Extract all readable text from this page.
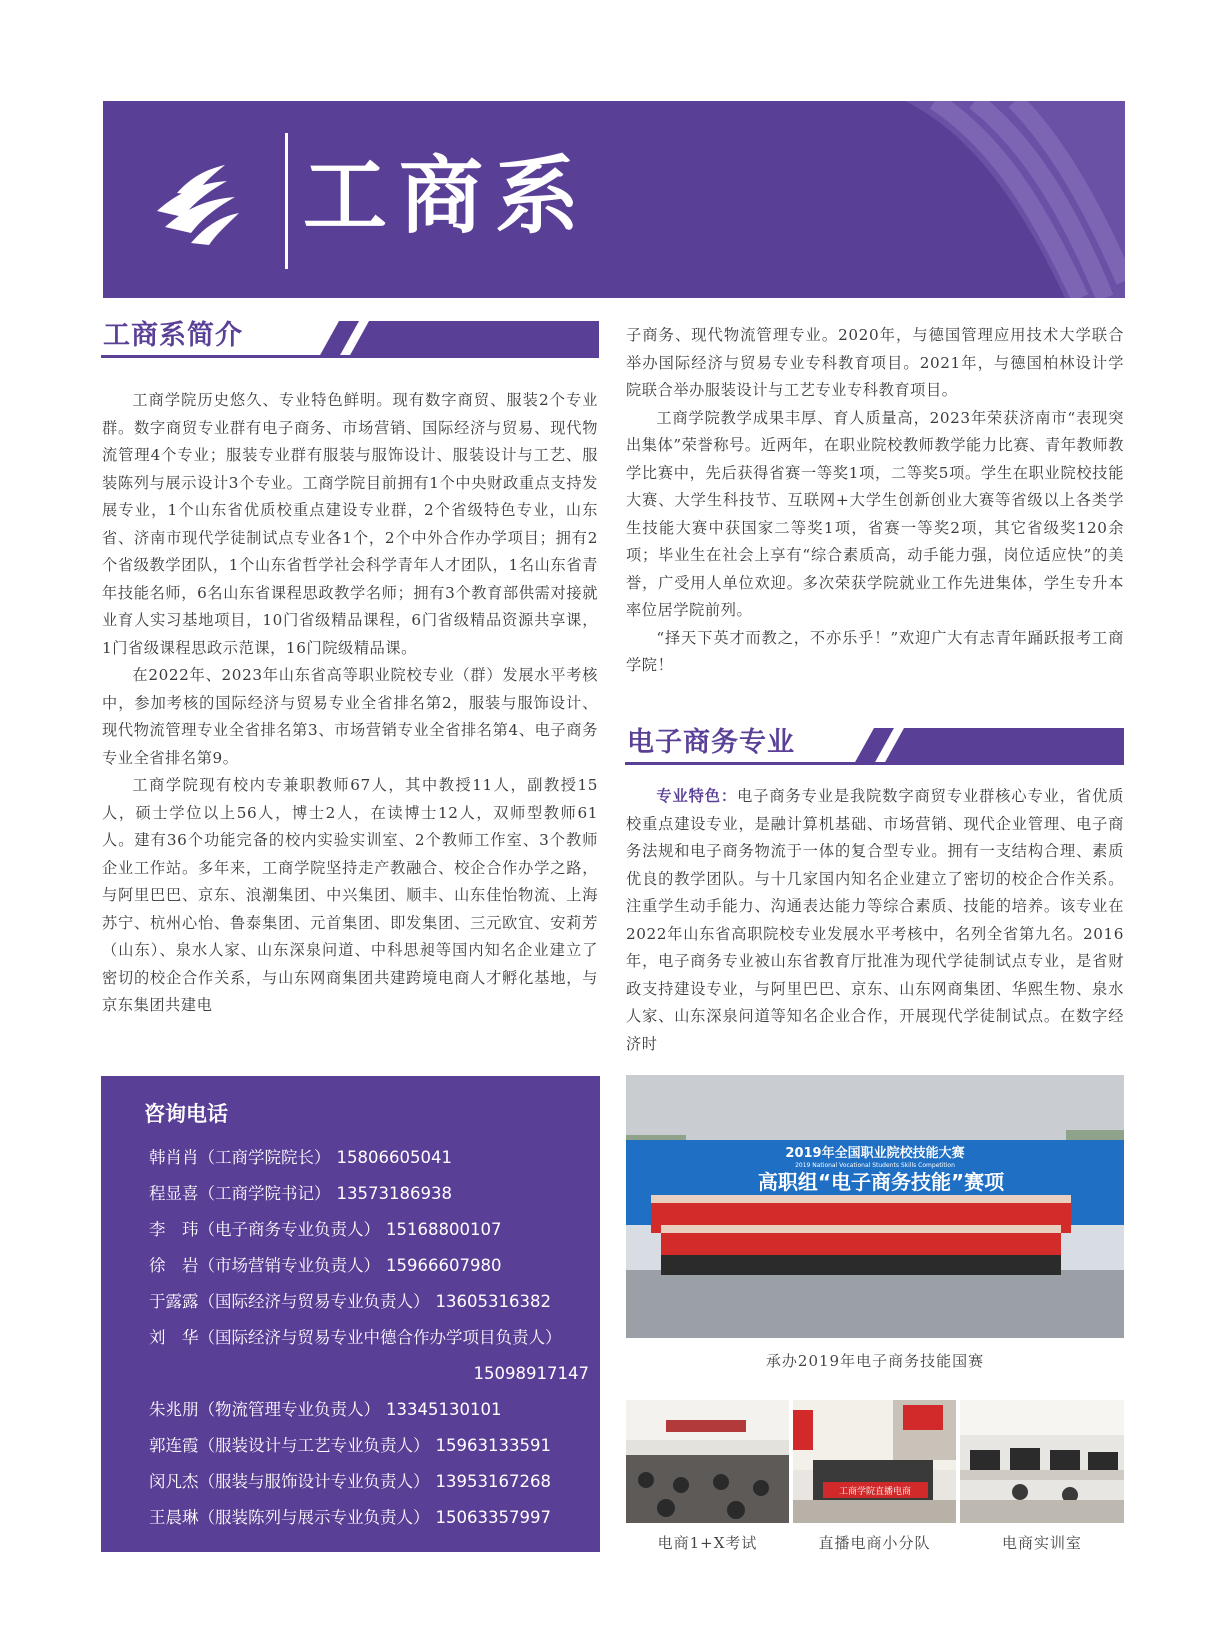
工商系
工商系简介

工商学院历史悠久、专业特色鲜明。现有数字商贸、服装2个专业群。数字商贸专业群有电子商务、市场营销、国际经济与贸易、现代物流管理4个专业；服装专业群有服装与服饰设计、服装设计与工艺、服装陈列与展示设计3个专业。工商学院目前拥有1个中央财政重点支持发展专业，1个山东省优质校重点建设专业群，2个省级特色专业，山东省、济南市现代学徒制试点专业各1个，2个中外合作办学项目；拥有2个省级教学团队，1个山东省哲学社会科学青年人才团队，1名山东省青年技能名师，6名山东省课程思政教学名师；拥有3个教育部供需对接就业育人实习基地项目，10门省级精品课程，6门省级精品资源共享课，1门省级课程思政示范课，16门院级精品课。

在2022年、2023年山东省高等职业院校专业（群）发展水平考核中，参加考核的国际经济与贸易专业全省排名第2，服装与服饰设计、现代物流管理专业全省排名第3、市场营销专业全省排名第4、电子商务专业全省排名第9。

工商学院现有校内专兼职教师67人，其中教授11人，副教授15人，硕士学位以上56人，博士2人，在读博士12人，双师型教师61人。建有36个功能完备的校内实验实训室、2个教师工作室、3个教师企业工作站。多年来，工商学院坚持走产教融合、校企合作办学之路，与阿里巴巴、京东、浪潮集团、中兴集团、顺丰、山东佳怡物流、上海苏宁、杭州心怡、鲁泰集团、元首集团、即发集团、三元欧宜、安莉芳（山东）、泉水人家、山东深泉问道、中科思昶等国内知名企业建立了密切的校企合作关系，与山东网商集团共建跨境电商人才孵化基地，与京东集团共建电

子商务、现代物流管理专业。2020年，与德国管理应用技术大学联合举办国际经济与贸易专业专科教育项目。2021年，与德国柏林设计学院联合举办服装设计与工艺专业专科教育项目。

工商学院教学成果丰厚、育人质量高，2023年荣获济南市“表现突出集体”荣誉称号。近两年，在职业院校教师教学能力比赛、青年教师教学比赛中，先后获得省赛一等奖1项，二等奖5项。学生在职业院校技能大赛、大学生科技节、互联网+大学生创新创业大赛等省级以上各类学生技能大赛中获国家二等奖1项，省赛一等奖2项，其它省级奖120余项；毕业生在社会上享有“综合素质高，动手能力强，岗位适应快”的美誉，广受用人单位欢迎。多次荣获学院就业工作先进集体，学生专升本率位居学院前列。

“择天下英才而教之，不亦乐乎！”欢迎广大有志青年踊跃报考工商学院！

电子商务专业

专业特色：电子商务专业是我院数字商贸专业群核心专业，省优质校重点建设专业，是融计算机基础、市场营销、现代企业管理、电子商务法规和电子商务物流于一体的复合型专业。拥有一支结构合理、素质优良的教学团队。与十几家国内知名企业建立了密切的校企合作关系。注重学生动手能力、沟通表达能力等综合素质、技能的培养。该专业在2022年山东省高职院校专业发展水平考核中，名列全省第九名。2016年，电子商务专业被山东省教育厅批准为现代学徒制试点专业，是省财政支持建设专业，与阿里巴巴、京东、山东网商集团、华熙生物、泉水人家、山东深泉问道等知名企业合作，开展现代学徒制试点。在数字经济时

咨询电话
韩肖肖（工商学院院长） 15806605041
程显喜（工商学院书记） 13573186938
李　玮（电子商务专业负责人） 15168800107
徐　岩（市场营销专业负责人） 15966607980
于露露（国际经济与贸易专业负责人） 13605316382
刘　华（国际经济与贸易专业中德合作办学项目负责人）
15098917147
朱兆朋（物流管理专业负责人） 13345130101
郭连霞（服装设计与工艺专业负责人） 15963133591
闵凡杰（服装与服饰设计专业负责人） 13953167268
王晨琳（服装陈列与展示专业负责人） 15063357997
2019年全国职业院校技能大赛
2019 National Vocational Students Skills Competition
高职组“电子商务技能”赛项
承办2019年电子商务技能国赛
电商1+X考试
工商学院直播电商
直播电商小分队	电商实训室
